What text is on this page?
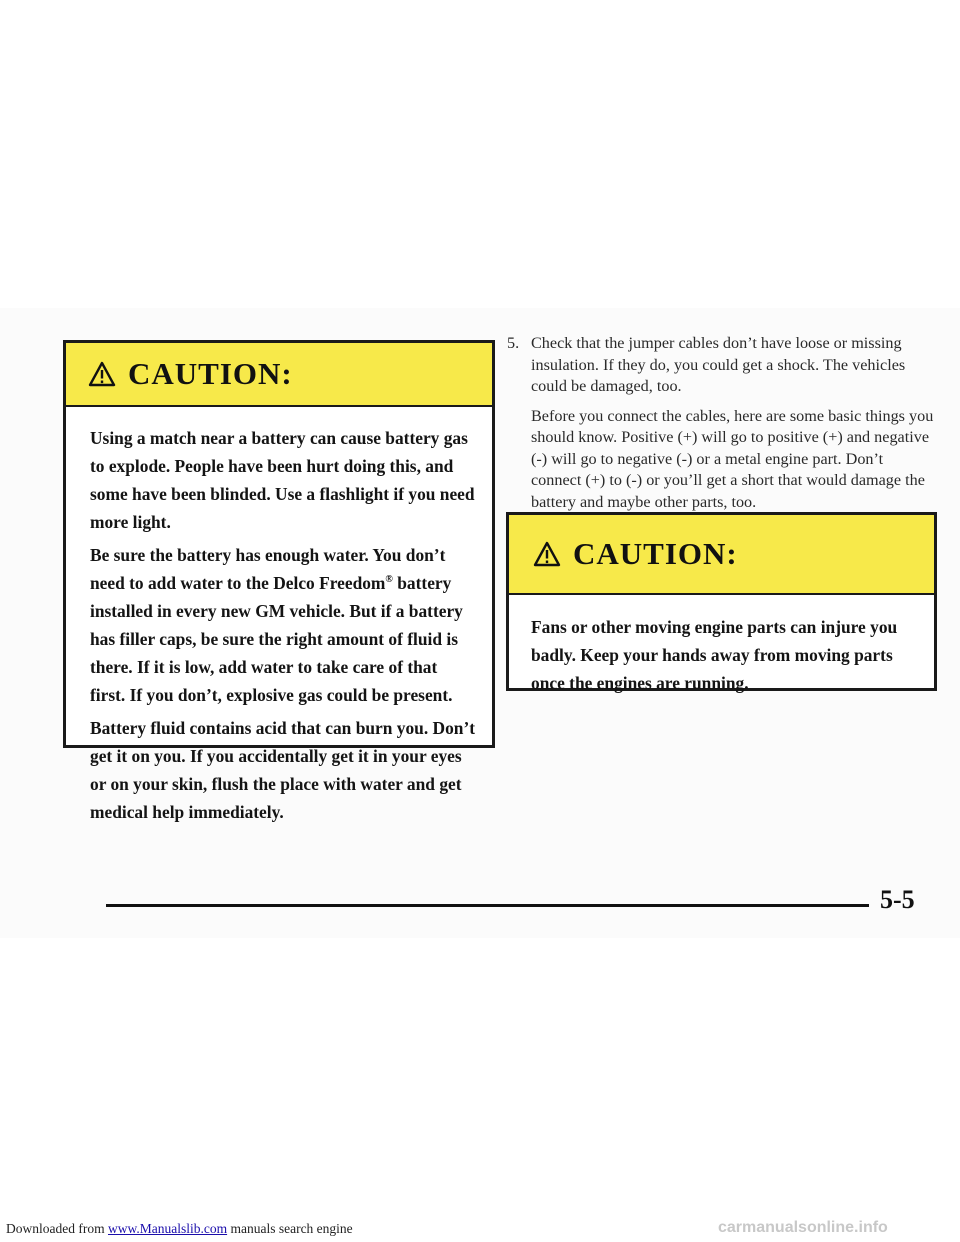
CAUTION:

Using a match near a battery can cause battery gas to explode. People have been hurt doing this, and some have been blinded. Use a flashlight if you need more light.

Be sure the battery has enough water. You don’t need to add water to the Delco Freedom® battery installed in every new GM vehicle. But if a battery has filler caps, be sure the right amount of fluid is there. If it is low, add water to take care of that first. If you don’t, explosive gas could be present.

Battery fluid contains acid that can burn you. Don’t get it on you. If you accidentally get it in your eyes or on your skin, flush the place with water and get medical help immediately.

5. Check that the jumper cables don’t have loose or missing insulation. If they do, you could get a shock. The vehicles could be damaged, too.

Before you connect the cables, here are some basic things you should know. Positive (+) will go to positive (+) and negative (-) will go to negative (-) or a metal engine part. Don’t connect (+) to (-) or you’ll get a short that would damage the battery and maybe other parts, too.

CAUTION:

Fans or other moving engine parts can injure you badly. Keep your hands away from moving parts once the engines are running.

5-5
Downloaded from www.Manualslib.com manuals search engine	carmanualsonline.info
